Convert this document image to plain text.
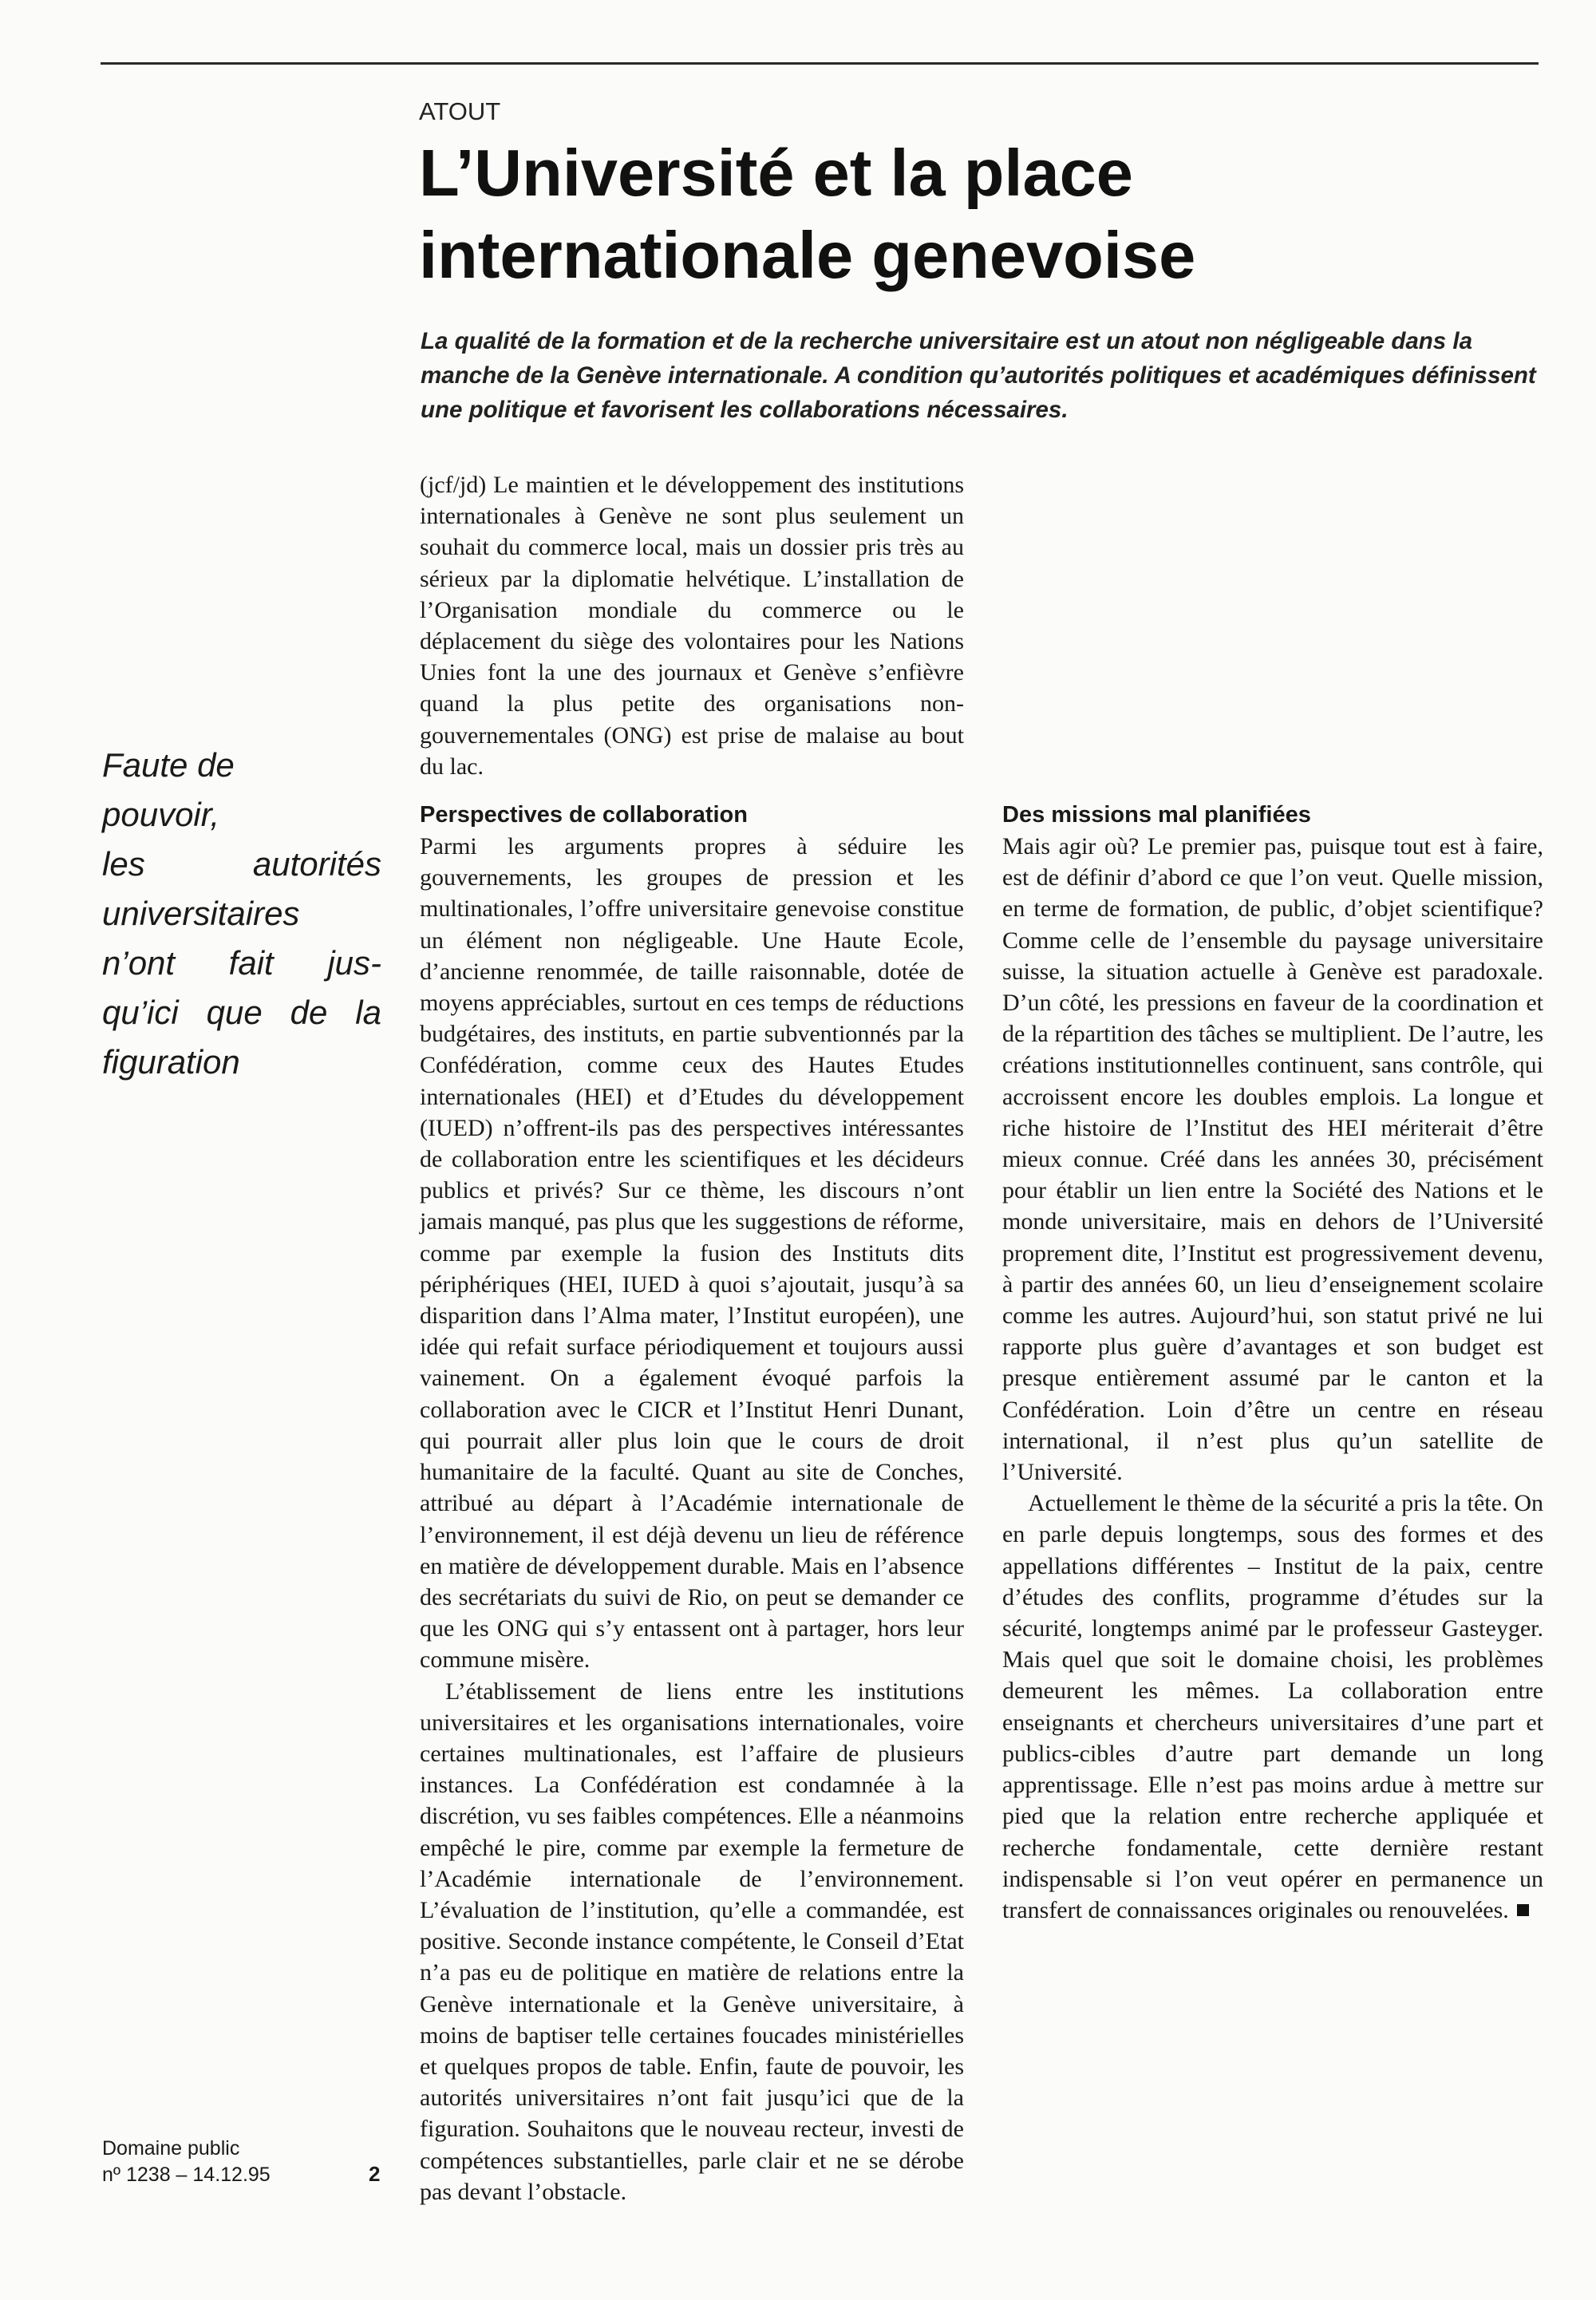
ATOUT
L’Université et la place
internationale genevoise

La qualité de la formation et de la recherche universitaire est un atout non négligeable dans la manche de la Genève internationale. A condition qu’autorités politiques et académiques définissent une politique et favorisent les collaborations nécessaires.

Faute de
pouvoir,
les autorités
universitaires
n’ont fait jus-
qu’ici que de la
figuration

(jcf/jd) Le maintien et le développement des institutions internationales à Genève ne sont plus seulement un souhait du commerce local, mais un dossier pris très au sérieux par la diplomatie helvétique. L’installation de l’Organisation mondiale du commerce ou le déplacement du siège des volontaires pour les Nations Unies font la une des journaux et Genève s’enfièvre quand la plus petite des organisations non-gouvernementales (ONG) est prise de malaise au bout du lac.

Perspectives de collaboration

Parmi les arguments propres à séduire les gouvernements, les groupes de pression et les multinationales, l’offre universitaire genevoise constitue un élément non négligeable. Une Haute Ecole, d’ancienne renommée, de taille raisonnable, dotée de moyens appréciables, surtout en ces temps de réductions budgétaires, des instituts, en partie subventionnés par la Confédération, comme ceux des Hautes Etudes internationales (HEI) et d’Etudes du développement (IUED) n’offrent-ils pas des perspectives intéressantes de collaboration entre les scientifiques et les décideurs publics et privés? Sur ce thème, les discours n’ont jamais manqué, pas plus que les suggestions de réforme, comme par exemple la fusion des Instituts dits périphériques (HEI, IUED à quoi s’ajoutait, jusqu’à sa disparition dans l’Alma mater, l’Institut européen), une idée qui refait surface périodiquement et toujours aussi vainement. On a également évoqué parfois la collaboration avec le CICR et l’Institut Henri Dunant, qui pourrait aller plus loin que le cours de droit humanitaire de la faculté. Quant au site de Conches, attribué au départ à l’Académie internationale de l’environnement, il est déjà devenu un lieu de référence en matière de développement durable. Mais en l’absence des secrétariats du suivi de Rio, on peut se demander ce que les ONG qui s’y entassent ont à partager, hors leur commune misère.

L’établissement de liens entre les institutions universitaires et les organisations internationales, voire certaines multinationales, est l’affaire de plusieurs instances. La Confédération est condamnée à la discrétion, vu ses faibles compétences. Elle a néanmoins empêché le pire, comme par exemple la fermeture de l’Académie internationale de l’environnement. L’évaluation de l’institution, qu’elle a commandée, est positive. Seconde instance compétente, le Conseil d’Etat n’a pas eu de politique en matière de relations entre la Genève internationale et la Genève universitaire, à moins de baptiser telle certaines foucades ministérielles et quelques propos de table. Enfin, faute de pouvoir, les autorités universitaires n’ont fait jusqu’ici que de la figuration. Souhaitons que le nouveau recteur, investi de compétences substantielles, parle clair et ne se dérobe pas devant l’obstacle.

Des missions mal planifiées

Mais agir où? Le premier pas, puisque tout est à faire, est de définir d’abord ce que l’on veut. Quelle mission, en terme de formation, de public, d’objet scientifique? Comme celle de l’ensemble du paysage universitaire suisse, la situation actuelle à Genève est paradoxale. D’un côté, les pressions en faveur de la coordination et de la répartition des tâches se multiplient. De l’autre, les créations institutionnelles continuent, sans contrôle, qui accroissent encore les doubles emplois. La longue et riche histoire de l’Institut des HEI mériterait d’être mieux connue. Créé dans les années 30, précisément pour établir un lien entre la Société des Nations et le monde universitaire, mais en dehors de l’Université proprement dite, l’Institut est progressivement devenu, à partir des années 60, un lieu d’enseignement scolaire comme les autres. Aujourd’hui, son statut privé ne lui rapporte plus guère d’avantages et son budget est presque entièrement assumé par le canton et la Confédération. Loin d’être un centre en réseau international, il n’est plus qu’un satellite de l’Université.

Actuellement le thème de la sécurité a pris la tête. On en parle depuis longtemps, sous des formes et des appellations différentes – Institut de la paix, centre d’études des conflits, programme d’études sur la sécurité, longtemps animé par le professeur Gasteyger. Mais quel que soit le domaine choisi, les problèmes demeurent les mêmes. La collaboration entre enseignants et chercheurs universitaires d’une part et publics-cibles d’autre part demande un long apprentissage. Elle n’est pas moins ardue à mettre sur pied que la relation entre recherche appliquée et recherche fondamentale, cette dernière restant indispensable si l’on veut opérer en permanence un transfert de connaissances originales ou renouvelées.

Domaine public
nº 1238 – 14.12.95	2
